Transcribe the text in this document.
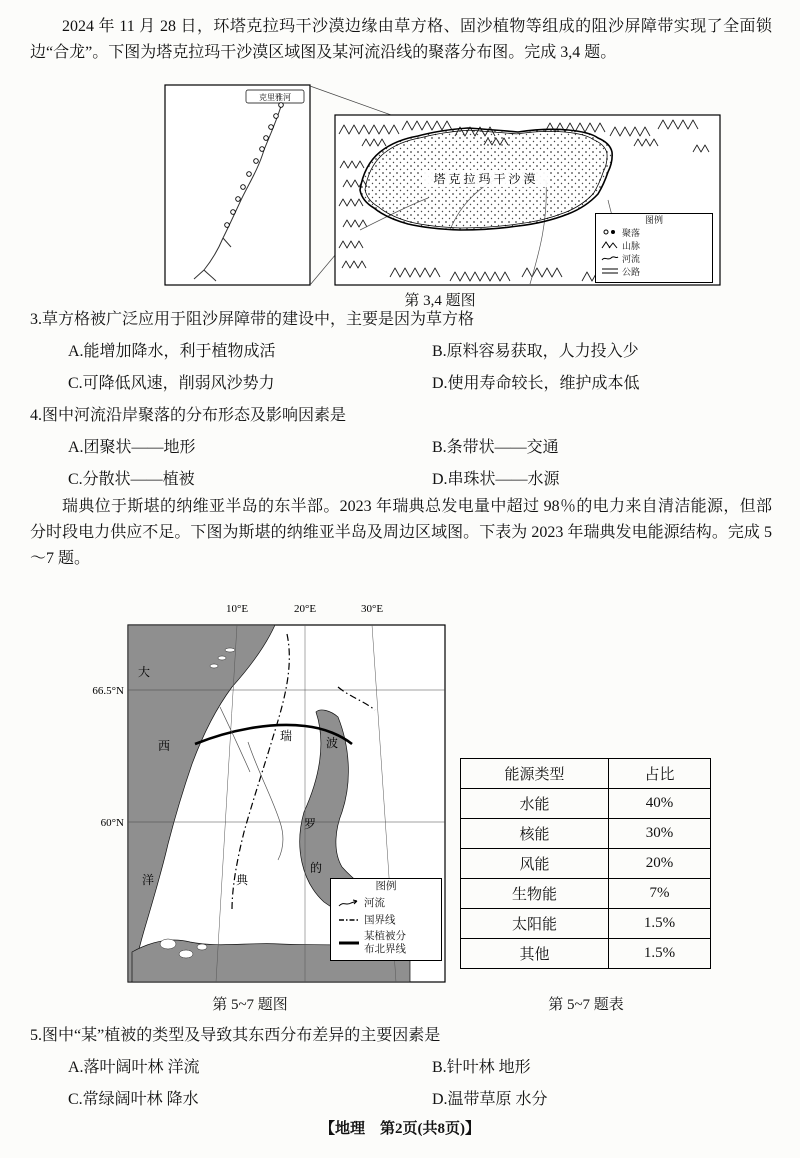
2024 年 11 月 28 日，环塔克拉玛干沙漠边缘由草方格、固沙植物等组成的阻沙屏障带实现了全面锁边“合龙”。下图为塔克拉玛干沙漠区域图及某河流沿线的聚落分布图。完成 3,4 题。
克里雅河
塔克拉玛干沙漠
图例
聚落
山脉
河流
公路
第 3,4 题图
3.草方格被广泛应用于阻沙屏障带的建设中，主要是因为草方格
A.能增加降水，利于植物成活	B.原料容易获取，人力投入少
C.可降低风速，削弱风沙势力	D.使用寿命较长，维护成本低
4.图中河流沿岸聚落的分布形态及影响因素是
A.团聚状——地形	B.条带状——交通
C.分散状——植被	D.串珠状——水源
瑞典位于斯堪的纳维亚半岛的东半部。2023 年瑞典总发电量中超过 98％的电力来自清洁能源，但部分时段电力供应不足。下图为斯堪的纳维亚半岛及周边区域图。下表为 2023 年瑞典发电能源结构。完成 5～7 题。
10°E	20°E	30°E
66.5°N
60°N
大
西
洋
瑞
典
波
罗
的
图例
河流
国界线
某植被分布北界线
能源类型	占比
水能	40%
核能	30%
风能	20%
生物能	7%
太阳能	1.5%
其他	1.5%
第 5~7 题图	第 5~7 题表
5.图中“某”植被的类型及导致其东西分布差异的主要因素是
A.落叶阔叶林 洋流	B.针叶林 地形
C.常绿阔叶林 降水	D.温带草原 水分
【地理　第2页(共8页)】
